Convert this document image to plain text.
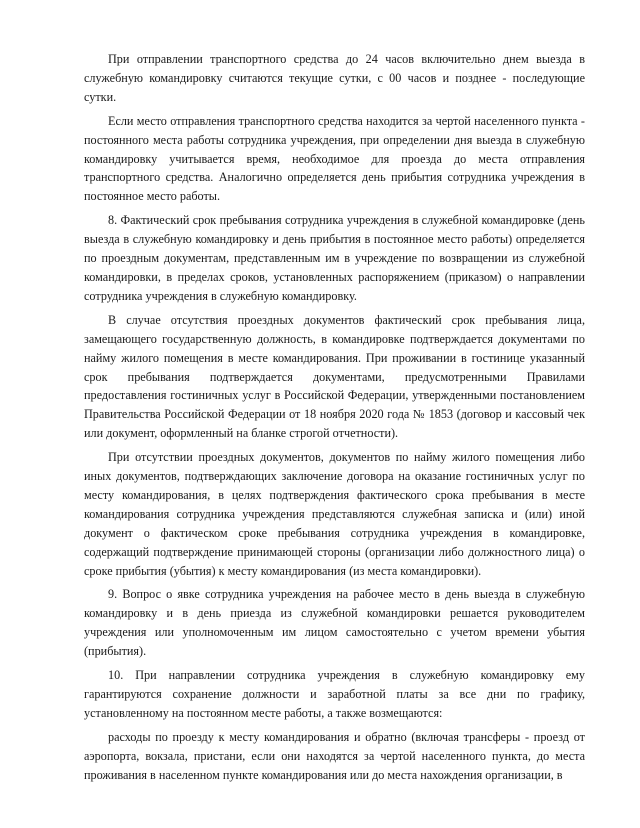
При отправлении транспортного средства до 24 часов включительно днем выезда в служебную командировку считаются текущие сутки, с 00 часов и позднее - последующие сутки.

Если место отправления транспортного средства находится за чертой населенного пункта - постоянного места работы сотрудника учреждения, при определении дня выезда в служебную командировку учитывается время, необходимое для проезда до места отправления транспортного средства. Аналогично определяется день прибытия сотрудника учреждения в постоянное место работы.

8. Фактический срок пребывания сотрудника учреждения в служебной командировке (день выезда в служебную командировку и день прибытия в постоянное место работы) определяется по проездным документам, представленным им в учреждение по возвращении из служебной командировки, в пределах сроков, установленных распоряжением (приказом) о направлении сотрудника учреждения в служебную командировку.

В случае отсутствия проездных документов фактический срок пребывания лица, замещающего государственную должность, в командировке подтверждается документами по найму жилого помещения в месте командирования. При проживании в гостинице указанный срок пребывания подтверждается документами, предусмотренными Правилами предоставления гостиничных услуг в Российской Федерации, утвержденными постановлением Правительства Российской Федерации от 18 ноября 2020 года № 1853 (договор и кассовый чек или документ, оформленный на бланке строгой отчетности).

При отсутствии проездных документов, документов по найму жилого помещения либо иных документов, подтверждающих заключение договора на оказание гостиничных услуг по месту командирования, в целях подтверждения фактического срока пребывания в месте командирования сотрудника учреждения представляются служебная записка и (или) иной документ о фактическом сроке пребывания сотрудника учреждения в командировке, содержащий подтверждение принимающей стороны (организации либо должностного лица) о сроке прибытия (убытия) к месту командирования (из места командировки).

9. Вопрос о явке сотрудника учреждения на рабочее место в день выезда в служебную командировку и в день приезда из служебной командировки решается руководителем учреждения или уполномоченным им лицом самостоятельно с учетом времени убытия (прибытия).

10. При направлении сотрудника учреждения в служебную командировку ему гарантируются сохранение должности и заработной платы за все дни по графику, установленному на постоянном месте работы, а также возмещаются:

расходы по проезду к месту командирования и обратно (включая трансферы - проезд от аэропорта, вокзала, пристани, если они находятся за чертой населенного пункта, до места проживания в населенном пункте командирования или до места нахождения организации, в
